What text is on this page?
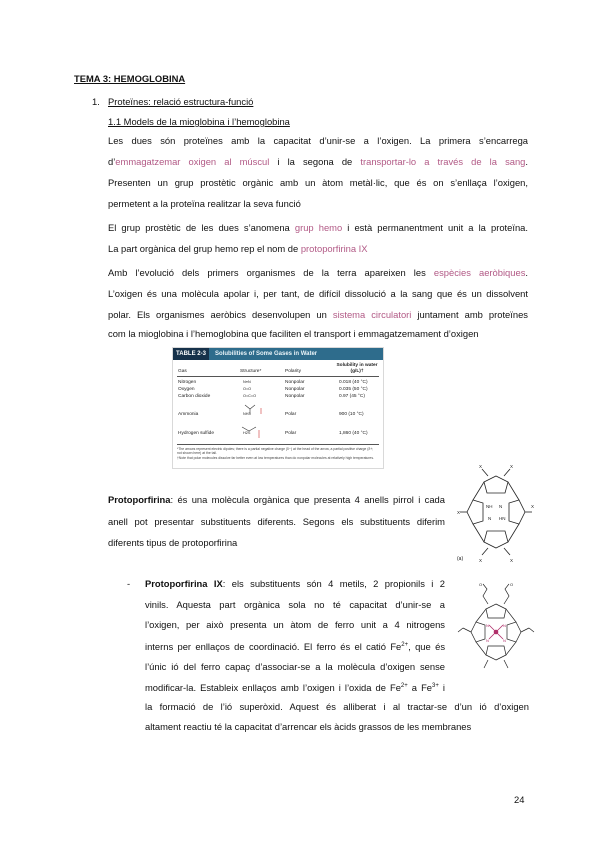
TEMA 3: HEMOGLOBINA
1. Proteïnes: relació estructura-funció
1.1 Models de la mioglobina i l’hemoglobina
Les dues són proteïnes amb la capacitat d’unir-se a l’oxigen. La primera s’encarrega
d’emmagatzemar oxigen al múscul i la segona de transportar-lo a través de la sang.
Presenten un grup prostètic orgànic amb un àtom metàl·lic, que és on s’enllaça l’oxigen,
permetent a la proteïna realitzar la seva funció
El grup prostètic de les dues s’anomena grup hemo i està permanentment unit a la proteïna.
La part orgànica del grup hemo rep el nom de protoporfirina IX
Amb l’evolució dels primers organismes de la terra apareixen les espècies aeròbiques.
L’oxigen és una molècula apolar i, per tant, de difícil dissolució a la sang que és un dissolvent
polar. Els organismes aeròbics desenvolupen un sistema circulatori juntament amb proteïnes
com la mioglobina i l’hemoglobina que faciliten el transport i emmagatzemament d’oxigen
TABLE 2-3	Solubilities of Some Gases in Water
Gas	Structure*	Polarity
Solubility in water (g/L)†
Nitrogen	N≡N	Nonpolar	0.018 (40 °C)
Oxygen	O=O	Nonpolar	0.035 (50 °C)
Carbon dioxide	O=C=O	Nonpolar	0.97 (45 °C)
Ammonia	NH3	Polar	900 (10 °C)
Hydrogen sulfide	H2S	Polar	1,860 (40 °C)
*The arrows represent electric dipoles; there is a partial negative charge (δ−) at the head of the arrow, a partial positive charge (δ+; not shown here) at the tail.
†Note that polar molecules dissolve far better even at low temperatures than do nonpolar molecules at relatively high temperatures.
Protoporfirina: és una molècula orgànica que presenta 4 anells pirrol i cada
anell pot presentar substituents diferents. Segons els substituents diferim
diferents tipus de protoporfirina
X	X
X
X
X	X
NH
HN
N
N
(a)
- Protoporfirina IX: els substituents són 4 metils, 2 propionils i 2
vinils. Aquesta part orgànica sola no té capacitat d’unir-se a
l’oxigen, per això presenta un àtom de ferro unit a 4 nitrogens
interns per enllaços de coordinació. El ferro és el catió $Fe^{2+}$, que és
l’únic ió del ferro capaç d’associar-se a la molècula d’oxigen sense
modificar-la. Estableix enllaços amb l’oxigen i l’oxida de $Fe^{2+}$ a $Fe^{3+}$ i
la formació de l’ió superòxid. Aquest és alliberat i al tractar-se d’un ió d’oxigen
altament reactiu té la capacitat d’arrencar els àcids grassos de les membranes
N	N
N	N
O	O
24
